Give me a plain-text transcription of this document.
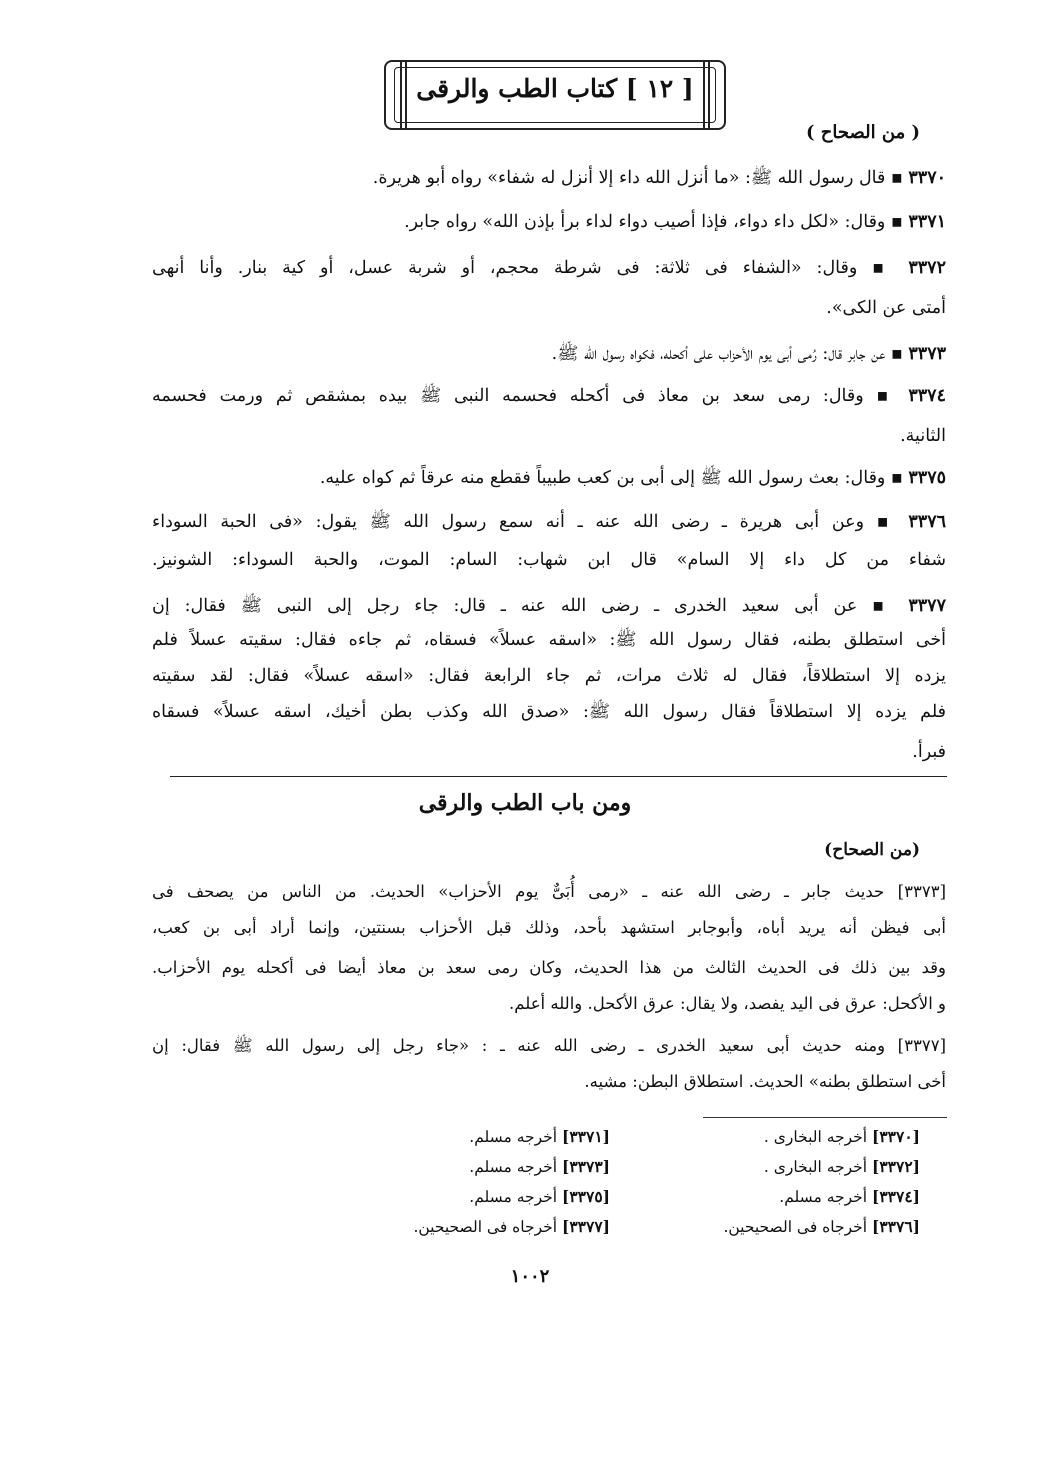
[ ١٢ ] كتاب الطب والرقى
( من الصحاح )
٣٣٧٠ ▪ قال رسول الله ﷺ: «ما أنزل الله داء إلا أنزل له شفاء» رواه أبو هريرة.
٣٣٧١ ▪ وقال: «لكل داء دواء، فإذا أصيب دواء لداء برأ بإذن الله» رواه جابر.
٣٣٧٢ ▪ وقال: «الشفاء فى ثلاثة: فى شرطة محجم، أو شربة عسل، أو كية بنار. وأنا أنهى
أمتى عن الكى».
٣٣٧٣ ▪ عن جابر قال: رُمى أبى يوم الأحزاب على أكحله، فكواه رسول الله ﷺ.
٣٣٧٤ ▪ وقال: رمى سعد بن معاذ فى أكحله فحسمه النبى ﷺ بيده بمشقص ثم ورمت فحسمه
الثانية.
٣٣٧٥ ▪ وقال: بعث رسول الله ﷺ إلى أبى بن كعب طبيباً فقطع منه عرقاً ثم كواه عليه.
٣٣٧٦ ▪ وعن أبى هريرة ـ رضى الله عنه ـ أنه سمع رسول الله ﷺ يقول: «فى الحبة السوداء
شفاء من كل داء إلا السام» قال ابن شهاب: السام: الموت، والحبة السوداء: الشونيز.
٣٣٧٧ ▪ عن أبى سعيد الخدرى ـ رضى الله عنه ـ قال: جاء رجل إلى النبى ﷺ فقال: إن
أخى استطلق بطنه، فقال رسول الله ﷺ: «اسقه عسلاً» فسقاه، ثم جاءه فقال: سقيته عسلاً فلم
يزده إلا استطلاقاً، فقال له ثلاث مرات، ثم جاء الرابعة فقال: «اسقه عسلاً» فقال: لقد سقيته
فلم يزده إلا استطلاقاً فقال رسول الله ﷺ: «صدق الله وكذب بطن أخيك، اسقه عسلاً» فسقاه
فبرأ.
ومن باب الطب والرقى
(من الصحاح)
[٣٣٧٣] حديث جابر ـ رضى الله عنه ـ «رمى أُبَىٌّ يوم الأحزاب» الحديث. من الناس من يصحف فى
أبى فيظن أنه يريد أباه، وأبوجابر استشهد بأحد، وذلك قبل الأحزاب بسنتين، وإنما أراد أبى بن كعب،
وقد بين ذلك فى الحديث الثالث من هذا الحديث، وكان رمى سعد بن معاذ أيضا فى أكحله يوم الأحزاب.
و الأكحل: عرق فى اليد يفصد، ولا يقال: عرق الأكحل. والله أعلم.
[٣٣٧٧] ومنه حديث أبى سعيد الخدرى ـ رضى الله عنه ـ : «جاء رجل إلى رسول الله ﷺ فقال: إن
أخى استطلق بطنه» الحديث. استطلاق البطن: مشيه.
[٣٣٧٠] أخرجه البخارى .
[٣٣٧٢] أخرجه البخارى .
[٣٣٧٤] أخرجه مسلم.
[٣٣٧٦] أخرجاه فى الصحيحين.
[٣٣٧١] أخرجه مسلم.
[٣٣٧٣] أخرجه مسلم.
[٣٣٧٥] أخرجه مسلم.
[٣٣٧٧] أخرجاه فى الصحيحين.
١٠٠٢
